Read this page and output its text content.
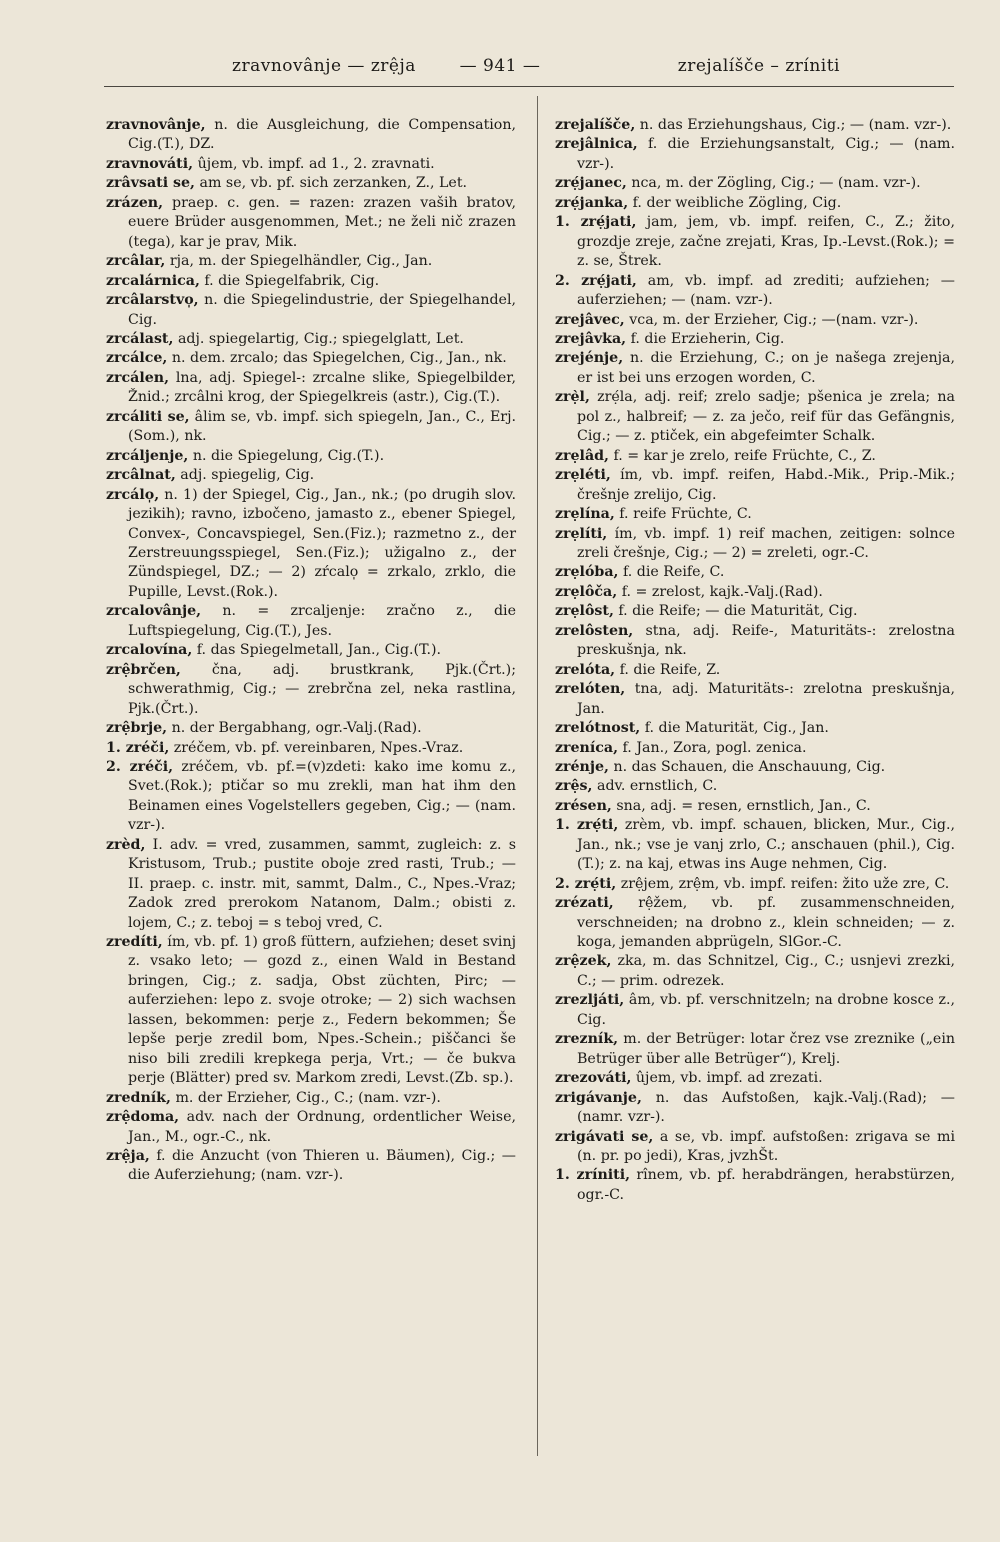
zravnovânje — zrệja	— 941 —	zrejalíšče – zríniti
zravnovânje, n. die Ausgleichung, die Compensation, Cig.(T.), DZ.
zravnováti, ûjem, vb. impf. ad 1., 2. zravnati.
zrâvsati se, am se, vb. pf. sich zerzanken, Z., Let.
zrázen, praep. c. gen. = razen: zrazen vaših bratov, euere Brüder ausgenommen, Met.; ne želi nič zrazen (tega), kar je prav, Mik.
zrcâlar, rja, m. der Spiegelhändler, Cig., Jan.
zrcalárnica, f. die Spiegelfabrik, Cig.
zrcâlarstvo̩, n. die Spiegelindustrie, der Spiegelhandel, Cig.
zrcálast, adj. spiegelartig, Cig.; spiegelglatt, Let.
zrcálce, n. dem. zrcalo; das Spiegelchen, Cig., Jan., nk.
zrcálen, lna, adj. Spiegel-: zrcalne slike, Spiegelbilder, Žnid.; zrcâlni krog, der Spiegelkreis (astr.), Cig.(T.).
zrcáliti se, âlim se, vb. impf. sich spiegeln, Jan., C., Erj.(Som.), nk.
zrcáljenje, n. die Spiegelung, Cig.(T.).
zrcâlnat, adj. spiegelig, Cig.
zrcálo̩, n. 1) der Spiegel, Cig., Jan., nk.; (po drugih slov. jezikih); ravno, izbočeno, jamasto z., ebener Spiegel, Convex-, Concavspiegel, Sen.(Fiz.); razmetno z., der Zerstreuungsspiegel, Sen.(Fiz.); užigalno z., der Zündspiegel, DZ.; — 2) zŕcalo̩ = zrkalo, zrklo, die Pupille, Levst.(Rok.).
zrcalovânje, n. = zrcaljenje: zračno z., die Luftspiegelung, Cig.(T.), Jes.
zrcalovína, f. das Spiegelmetall, Jan., Cig.(T.).
zrệbrčen, čna, adj. brustkrank, Pjk.(Črt.); schwerathmig, Cig.; — zrebrčna zel, neka rastlina, Pjk.(Črt.).
zrệbrje, n. der Bergabhang, ogr.-Valj.(Rad).
1. zréči, zréčem, vb. pf. vereinbaren, Npes.-Vraz.
2. zréči, zréčem, vb. pf.=(v)zdeti: kako ime komu z., Svet.(Rok.); ptičar so mu zrekli, man hat ihm den Beinamen eines Vogelstellers gegeben, Cig.; — (nam. vzr-).
zrèd, I. adv. = vred, zusammen, sammt, zugleich: z. s Kristusom, Trub.; pustite oboje zred rasti, Trub.; — II. praep. c. instr. mit, sammt, Dalm., C., Npes.-Vraz; Zadok zred prerokom Natanom, Dalm.; obisti z. lojem, C.; z. teboj = s teboj vred, C.
zredíti, ím, vb. pf. 1) groß füttern, aufziehen; deset svinj z. vsako leto; — gozd z., einen Wald in Bestand bringen, Cig.; z. sadja, Obst züchten, Pirc; — auferziehen: lepo z. svoje otroke; — 2) sich wachsen lassen, bekommen: perje z., Federn bekommen; Še lepše perje zredil bom, Npes.-Schein.; piščanci še niso bili zredili krepkega perja, Vrt.; — če bukva perje (Blätter) pred sv. Markom zredi, Levst.(Zb. sp.).
zredník, m. der Erzieher, Cig., C.; (nam. vzr-).
zrệdoma, adv. nach der Ordnung, ordentlicher Weise, Jan., M., ogr.-C., nk.
zrệja, f. die Anzucht (von Thieren u. Bäumen), Cig.; — die Auferziehung; (nam. vzr-).
zrejalíšče, n. das Erziehungshaus, Cig.; — (nam. vzr-).
zrejâlnica, f. die Erziehungsanstalt, Cig.; — (nam. vzr-).
zrẹ́janec, nca, m. der Zögling, Cig.; — (nam. vzr-).
zrẹ́janka, f. der weibliche Zögling, Cig.
1. zrẹ́jati, jam, jem, vb. impf. reifen, C., Z.; žito, grozdje zreje, začne zrejati, Kras, Ip.-Levst.(Rok.); = z. se, Štrek.
2. zrẹ́jati, am, vb. impf. ad zrediti; aufziehen; — auferziehen; — (nam. vzr-).
zrejâvec, vca, m. der Erzieher, Cig.; —(nam. vzr-).
zrejâvka, f. die Erzieherin, Cig.
zrejénje, n. die Erziehung, C.; on je našega zrejenja, er ist bei uns erzogen worden, C.
zrẹ̀l, zrẹ́la, adj. reif; zrelo sadje; pšenica je zrela; na pol z., halbreif; — z. za ječo, reif für das Gefängnis, Cig.; — z. ptiček, ein abgefeimter Schalk.
zrẹlâd, f. = kar je zrelo, reife Früchte, C., Z.
zrẹléti, ím, vb. impf. reifen, Habd.-Mik., Prip.-Mik.; črešnje zrelijo, Cig.
zrẹlína, f. reife Früchte, C.
zrẹlíti, ím, vb. impf. 1) reif machen, zeitigen: solnce zreli črešnje, Cig.; — 2) = zreleti, ogr.-C.
zrẹlóba, f. die Reife, C.
zrẹlôča, f. = zrelost, kajk.-Valj.(Rad).
zrẹlôst, f. die Reife; — die Maturität, Cig.
zrelôsten, stna, adj. Reife-, Maturitäts-: zrelostna preskušnja, nk.
zrelóta, f. die Reife, Z.
zrelóten, tna, adj. Maturitäts-: zrelotna preskušnja, Jan.
zrelótnost, f. die Maturität, Cig., Jan.
zreníca, f. Jan., Zora, pogl. zenica.
zrénje, n. das Schauen, die Anschauung, Cig.
zrệs, adv. ernstlich, C.
zrésen, sna, adj. = resen, ernstlich, Jan., C.
1. zrẹ́ti, zrèm, vb. impf. schauen, blicken, Mur., Cig., Jan., nk.; vse je vanj zrlo, C.; anschauen (phil.), Cig.(T.); z. na kaj, etwas ins Auge nehmen, Cig.
2. zrẹ́ti, zrệjem, zrệm, vb. impf. reifen: žito uže zre, C.
zrézati, rệžem, vb. pf. zusammenschneiden, verschneiden; na drobno z., klein schneiden; — z. koga, jemanden abprügeln, SlGor.-C.
zrệzek, zka, m. das Schnitzel, Cig., C.; usnjevi zrezki, C.; — prim. odrezek.
zrezljáti, âm, vb. pf. verschnitzeln; na drobne kosce z., Cig.
zrezník, m. der Betrüger: lotar črez vse zreznike („ein Betrüger über alle Betrüger“), Krelj.
zrezováti, ûjem, vb. impf. ad zrezati.
zrigávanje, n. das Aufstoßen, kajk.-Valj.(Rad); — (namr. vzr-).
zrigávati se, a se, vb. impf. aufstoßen: zrigava se mi (n. pr. po jedi), Kras, jvzhŠt.
1. zríniti, rînem, vb. pf. herabdrängen, herabstürzen, ogr.-C.
